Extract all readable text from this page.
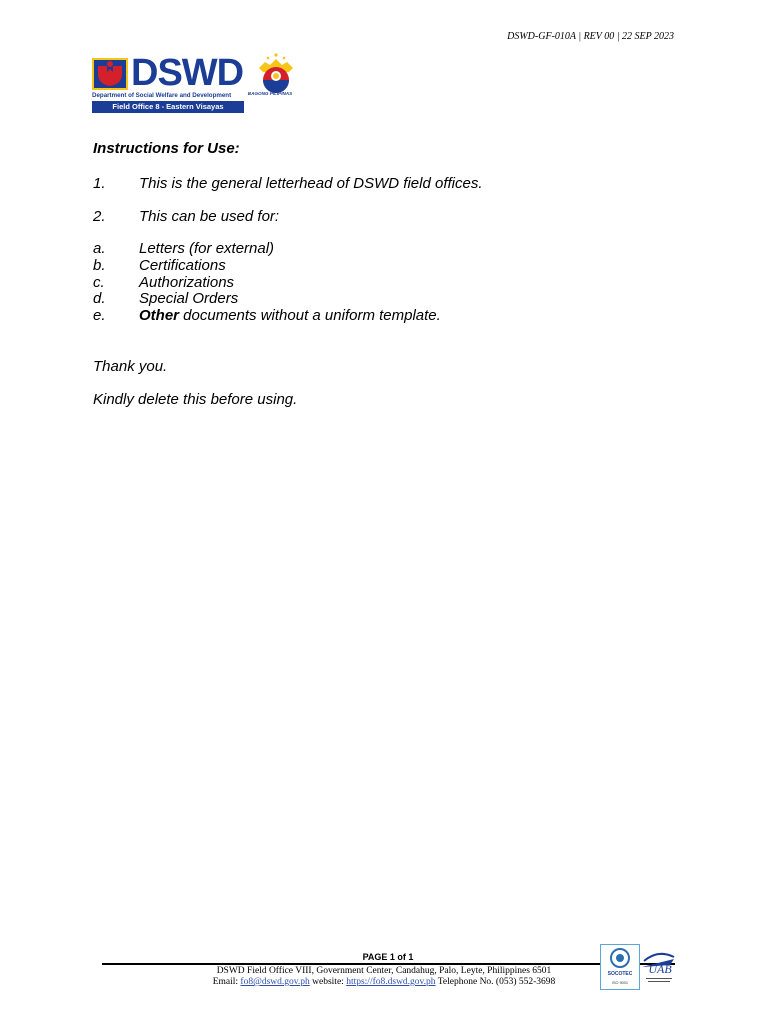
DSWD-GF-010A | REV 00 | 22 SEP 2023
DSWD
Department of Social Welfare and Development
Field Office 8 - Eastern Visayas
BAGONG PILIPINAS

Instructions for Use:

1.	This is the general letterhead of DSWD field offices.
2.	This can be used for:
a.	Letters (for external)
b.	Certifications
c.	Authorizations
d.	Special Orders
e.	Other documents without a uniform template.

Thank you.

Kindly delete this before using.

PAGE 1 of 1
DSWD Field Office VIII, Government Center, Candahug, Palo, Leyte, Philippines 6501
Email: fo8@dswd.gov.ph website: https://fo8.dswd.gov.ph Telephone No. (053) 552-3698
SOCOTEC
ISO 9001
UAB
